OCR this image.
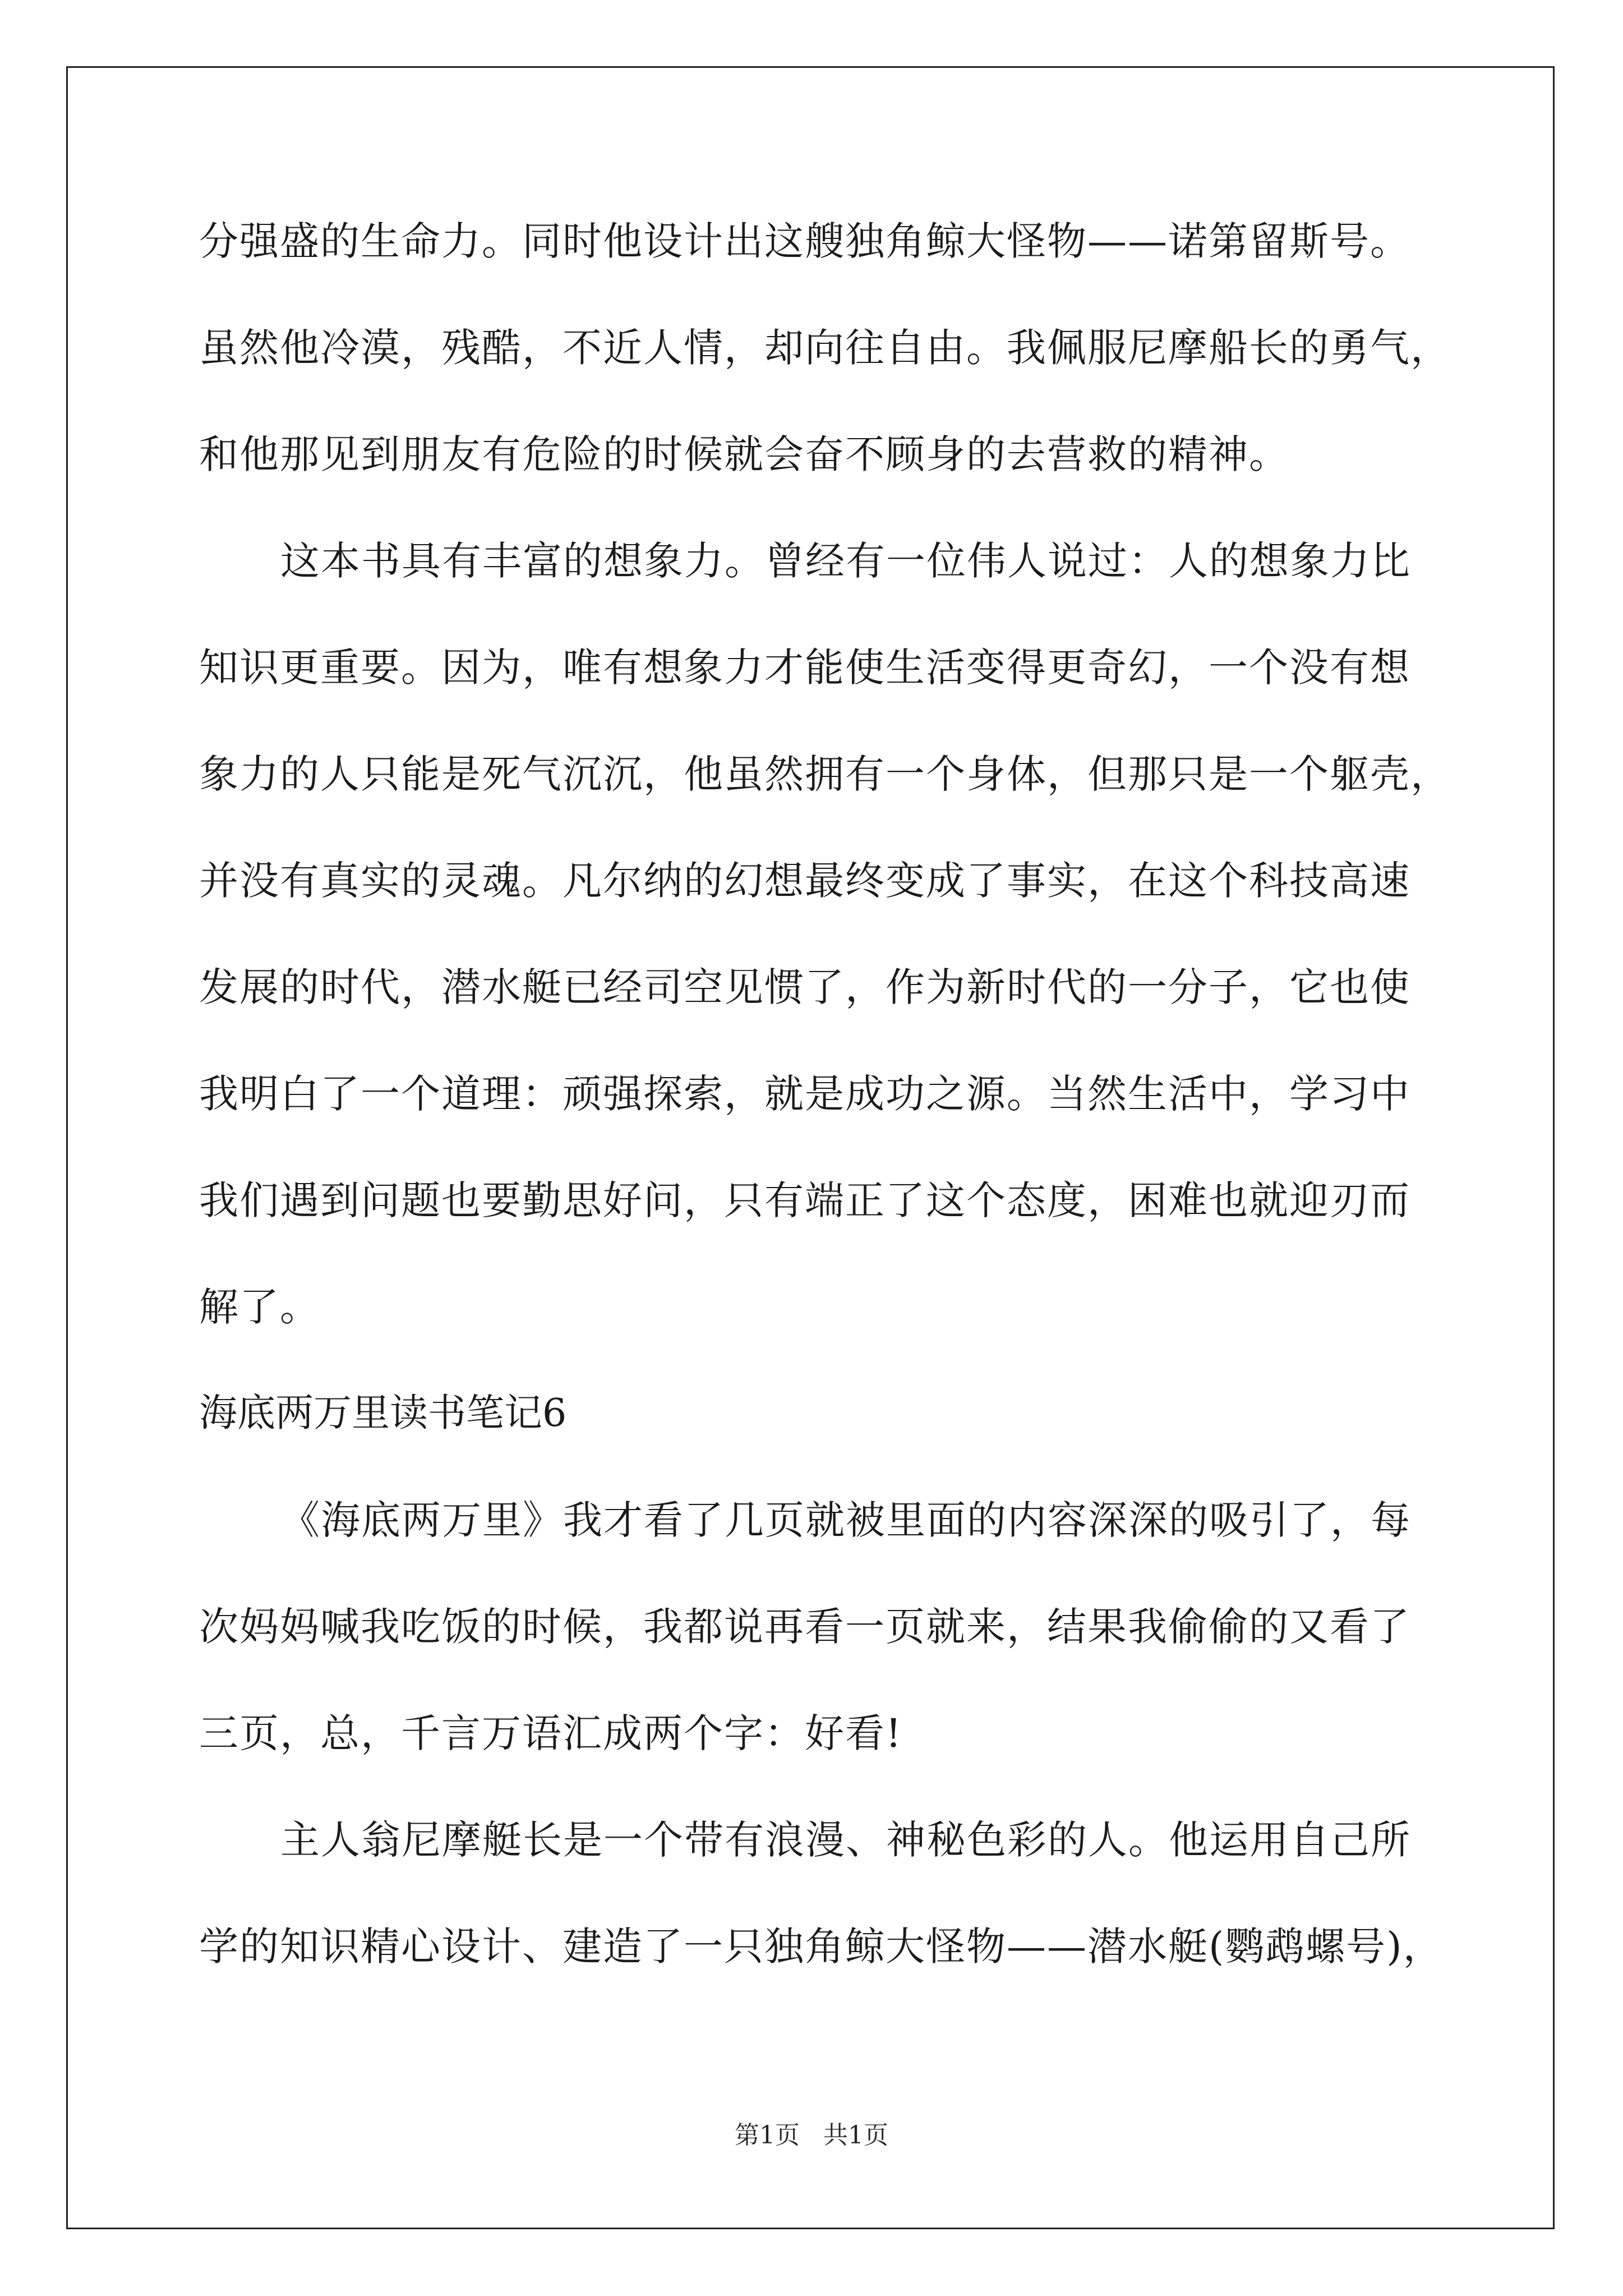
分强盛的生命力。同时他设计出这艘独角鲸大怪物——诺第留斯号。
虽然他冷漠，残酷，不近人情，却向往自由。我佩服尼摩船长的勇气，
和他那见到朋友有危险的时候就会奋不顾身的去营救的精神。
这本书具有丰富的想象力。曾经有一位伟人说过：人的想象力比
知识更重要。因为，唯有想象力才能使生活变得更奇幻，一个没有想
象力的人只能是死气沉沉，他虽然拥有一个身体，但那只是一个躯壳，
并没有真实的灵魂。凡尔纳的幻想最终变成了事实，在这个科技高速
发展的时代，潜水艇已经司空见惯了，作为新时代的一分子，它也使
我明白了一个道理：顽强探索，就是成功之源。当然生活中，学习中
我们遇到问题也要勤思好问，只有端正了这个态度，困难也就迎刃而
解了。
海底两万里读书笔记6
《海底两万里》我才看了几页就被里面的内容深深的吸引了，每
次妈妈喊我吃饭的时候，我都说再看一页就来，结果我偷偷的又看了
三页，总，千言万语汇成两个字：好看!
主人翁尼摩艇长是一个带有浪漫、神秘色彩的人。他运用自己所
学的知识精心设计、建造了一只独角鲸大怪物——潜水艇(鹦鹉螺号)，
第1页 共1页
